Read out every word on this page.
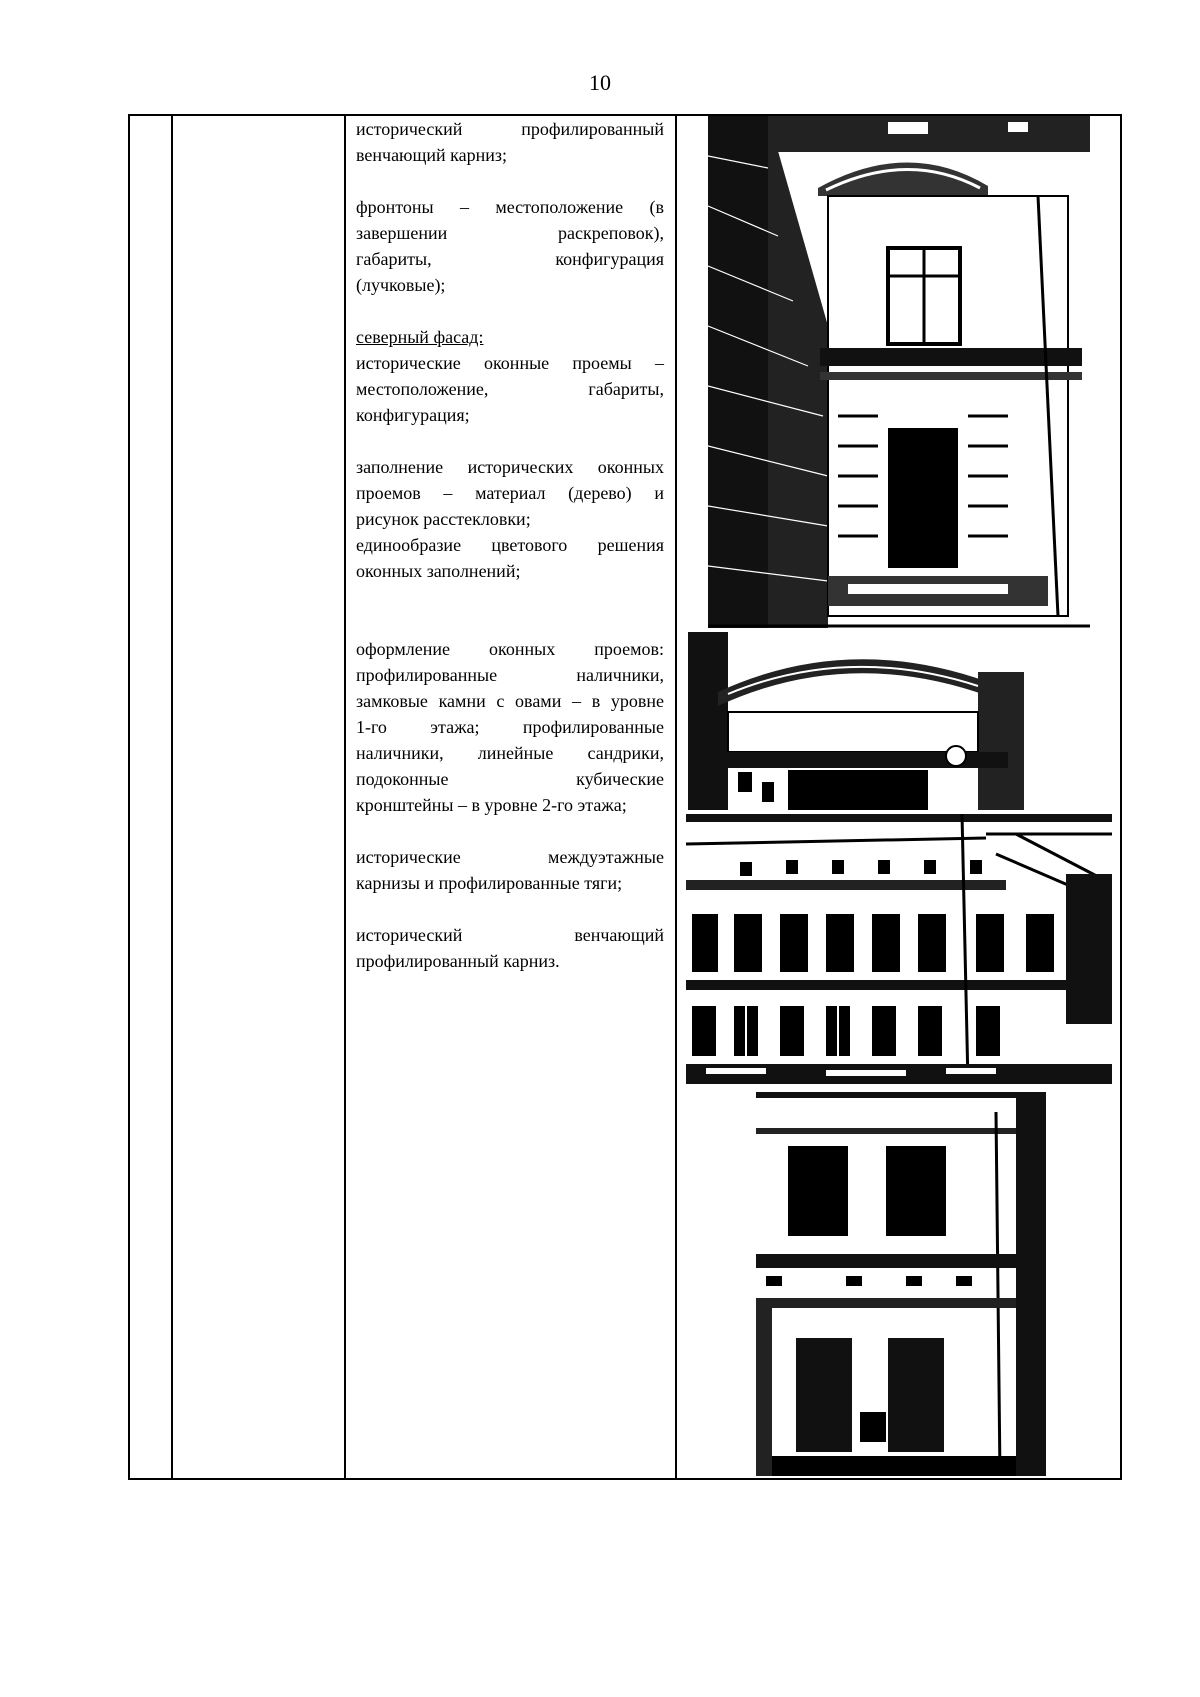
10

исторический профилированный

венчающий карниз;

фронтоны – местоположение (в

завершении раскреповок),

габариты, конфигурация

(лучковые);

северный фасад:

исторические оконные проемы –

местоположение, габариты,

конфигурация;

заполнение исторических оконных

проемов – материал (дерево) и

рисунок расстекловки;

единообразие цветового решения

оконных заполнений;

оформление оконных проемов:

профилированные наличники,

замковые камни с овами – в уровне

1-го этажа; профилированные

наличники, линейные сандрики,

подоконные кубические

кронштейны – в уровне 2-го этажа;

исторические междуэтажные

карнизы и профилированные тяги;

исторический венчающий

профилированный карниз.
